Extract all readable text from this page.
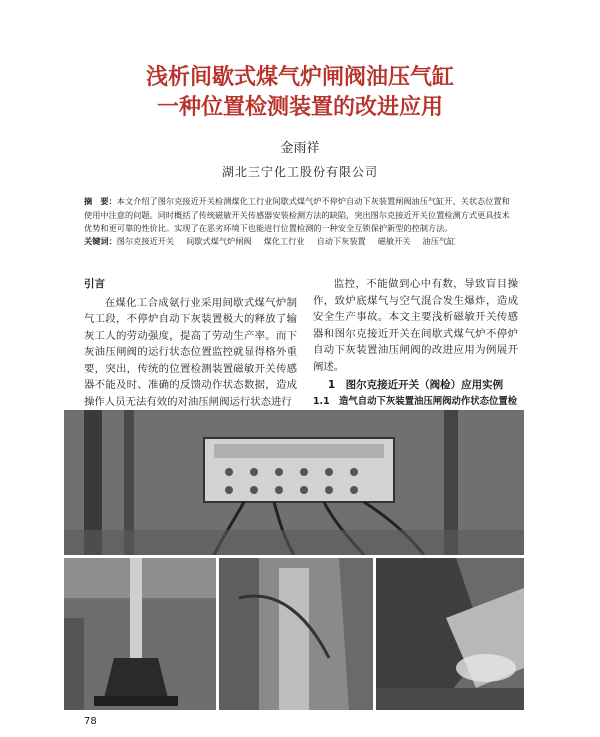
浅析间歇式煤气炉闸阀油压气缸
一种位置检测装置的改进应用
金雨祥
湖北三宁化工股份有限公司
摘　要：本文介绍了图尔克接近开关检测煤化工行业间歇式煤气炉不停炉自动下灰装置闸阀油压气缸开、关状态位置和使用中注意的问题。同时概括了传统磁敏开关传感器安装检测方法的缺陷，突出图尔克接近开关位置检测方式更具技术优势和更可靠的性价比。实现了在恶劣环境下也能进行位置检测的一种安全互锁保护新型的控制方法。
关键词：图尔克接近开关 间歇式煤气炉闸阀 煤化工行业 自动下灰装置 磁敏开关 油压气缸
引言

在煤化工合成氨行业采用间歇式煤气炉制气工段，不停炉自动下灰装置极大的释放了输灰工人的劳动强度，提高了劳动生产率。而下灰油压闸阀的运行状态位置监控就显得格外重要，突出，传统的位置检测装置磁敏开关传感器不能及时、准确的反馈动作状态数据，造成操作人员无法有效的对油压闸阀运行状态进行

监控，不能做到心中有数，导致盲目操作，致炉底煤气与空气混合发生爆炸，造成安全生产事故。本文主要浅析磁敏开关传感器和图尔克接近开关在间歇式煤气炉不停炉自动下灰装置油压闸阀的改进应用为例展开阐述。

1　图尔克接近开关（阀检）应用实例

1.1　造气自动下灰装置油压闸阀动作状态位置检

78
